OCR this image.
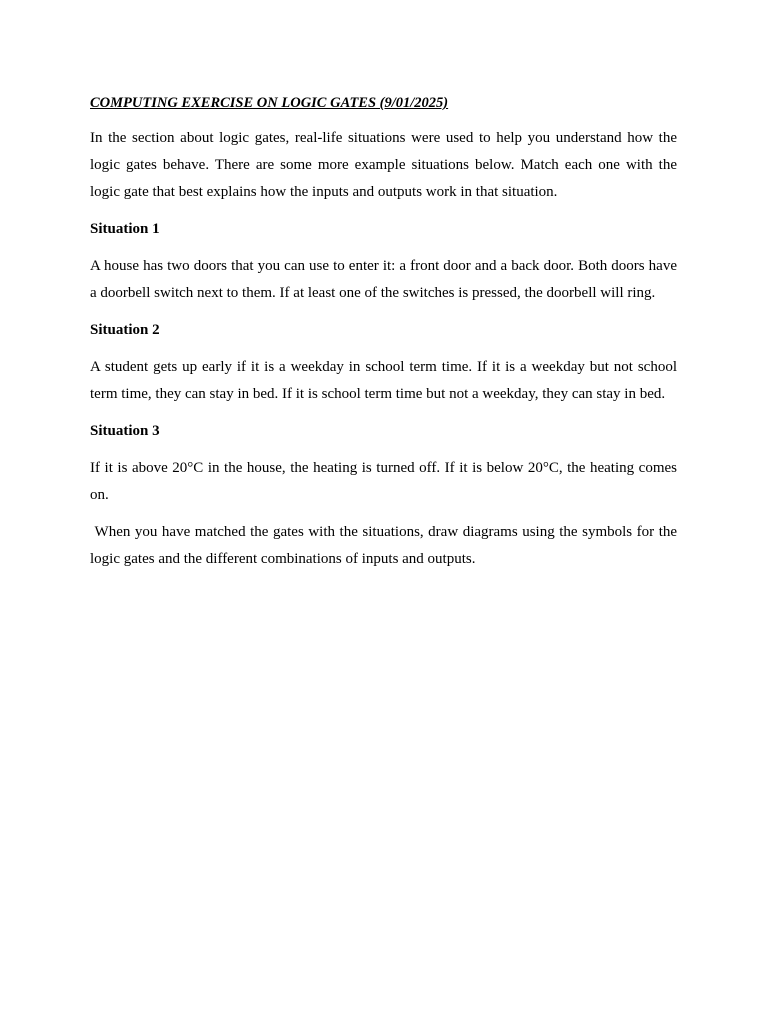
COMPUTING EXERCISE ON LOGIC GATES (9/01/2025)

In the section about logic gates, real-life situations were used to help you understand how the logic gates behave. There are some more example situations below. Match each one with the logic gate that best explains how the inputs and outputs work in that situation.

Situation 1

A house has two doors that you can use to enter it: a front door and a back door. Both doors have a doorbell switch next to them. If at least one of the switches is pressed, the doorbell will ring.

Situation 2

A student gets up early if it is a weekday in school term time. If it is a weekday but not school term time, they can stay in bed. If it is school term time but not a weekday, they can stay in bed.

Situation 3

If it is above 20°C in the house, the heating is turned off. If it is below 20°C, the heating comes on.

When you have matched the gates with the situations, draw diagrams using the symbols for the logic gates and the different combinations of inputs and outputs.
